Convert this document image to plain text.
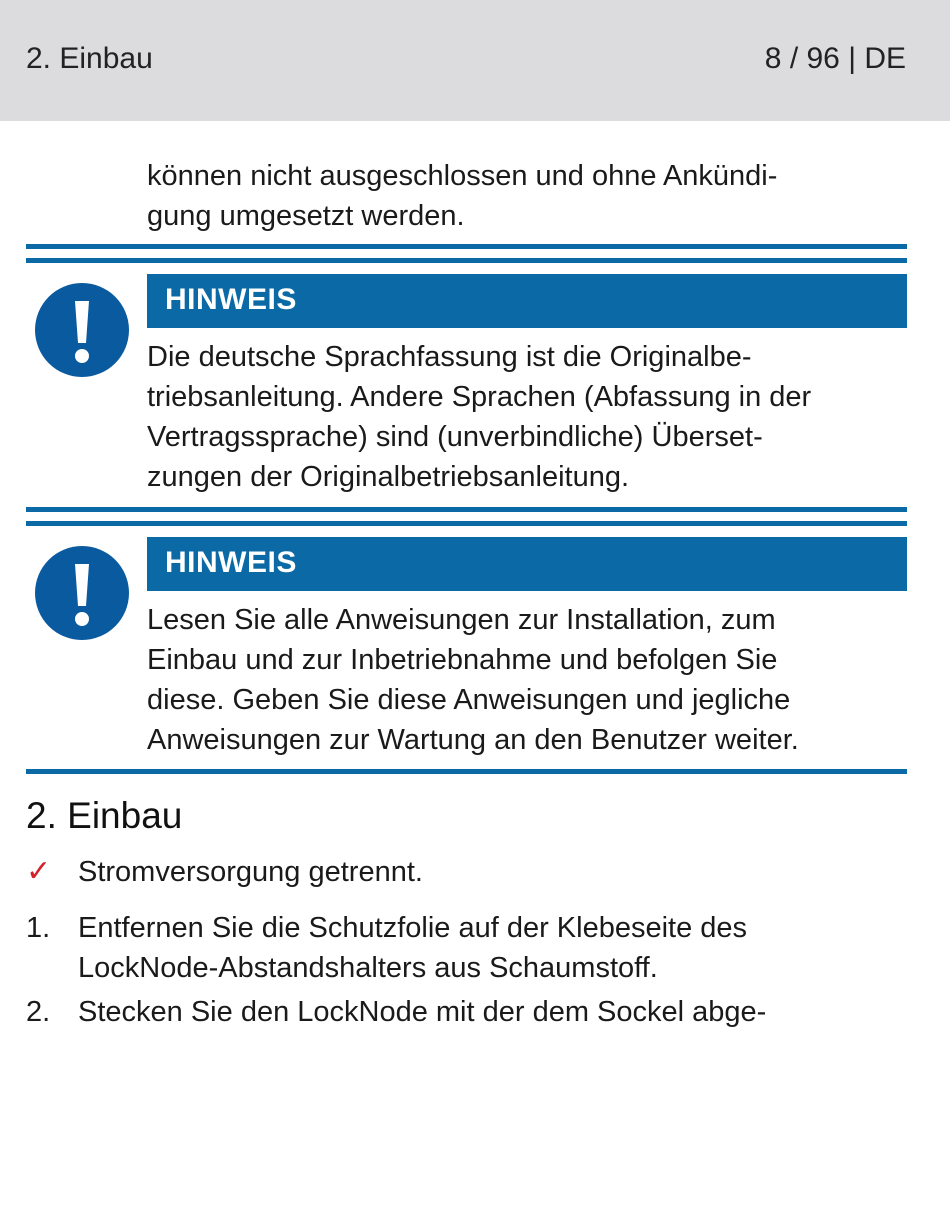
2. Einbau	8 / 96 | DE
können nicht ausgeschlossen und ohne Ankündi-
gung umgesetzt werden.
HINWEIS
Die deutsche Sprachfassung ist die Originalbe-
triebsanleitung. Andere Sprachen (Abfassung in der
Vertragssprache) sind (unverbindliche) Überset-
zungen der Originalbetriebsanleitung.
HINWEIS
Lesen Sie alle Anweisungen zur Installation, zum
Einbau und zur Inbetriebnahme und befolgen Sie
diese. Geben Sie diese Anweisungen und jegliche
Anweisungen zur Wartung an den Benutzer weiter.
2. Einbau
✓ Stromversorgung getrennt.
1. Entfernen Sie die Schutzfolie auf der Klebeseite des
LockNode-Abstandshalters aus Schaumstoff.
2. Stecken Sie den LockNode mit der dem Sockel abge-
